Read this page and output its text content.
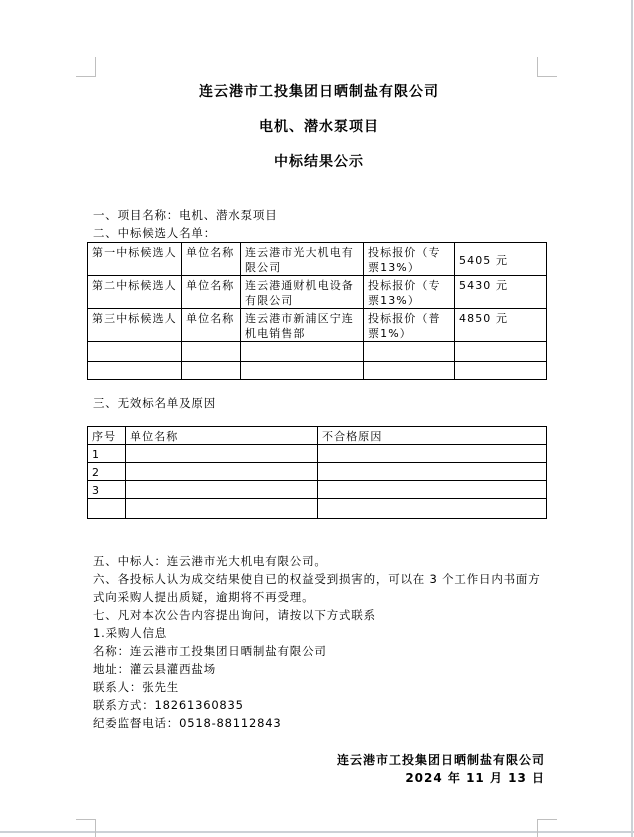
连云港市工投集团日晒制盐有限公司

电机、潜水泵项目

中标结果公示

一、项目名称：电机、潜水泵项目

二、中标候选人名单：

第一中标候选人	单位名称	连云港市光大机电有限公司	投标报价（专票13%）	5405 元
第二中标候选人	单位名称	连云港通财机电设备有限公司	投标报价（专票13%）	5430 元
第三中标候选人	单位名称	连云港市新浦区宁连机电销售部	投标报价（普票1%）	4850 元

三、无效标名单及原因

序号	单位名称	不合格原因
1		
2		
3		

五、中标人：连云港市光大机电有限公司。

六、各投标人认为成交结果使自已的权益受到损害的，可以在 3 个工作日内书面方式向采购人提出质疑，逾期将不再受理。

七、凡对本次公告内容提出询问，请按以下方式联系

1.采购人信息

名称：连云港市工投集团日晒制盐有限公司

地址：灌云县灌西盐场

联系人：张先生

联系方式：18261360835

纪委监督电话：0518-88112843

连云港市工投集团日晒制盐有限公司

2024 年 11 月 13 日
